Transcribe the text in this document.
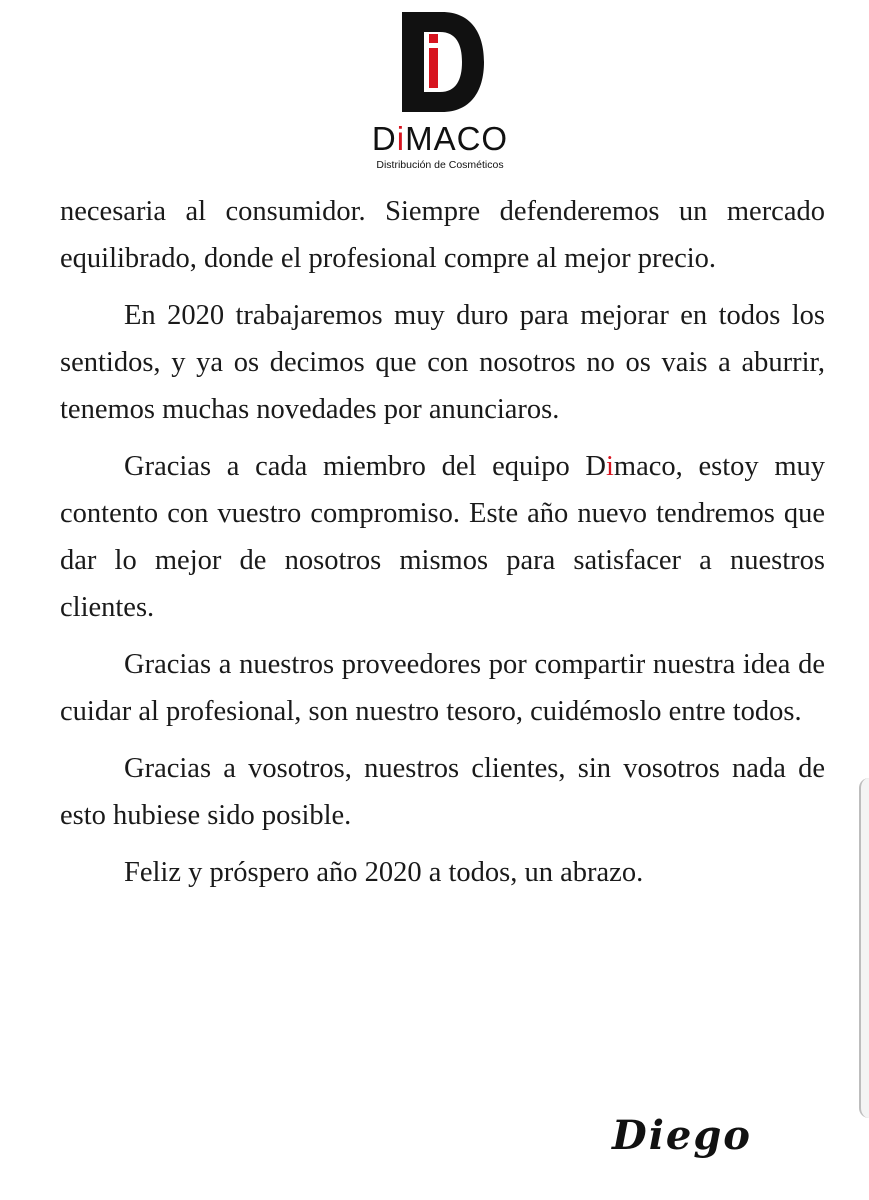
DiMACO
Distribución de Cosméticos

necesaria al consumidor. Siempre defenderemos un mercado equilibrado, donde el profesional compre al mejor precio.

En 2020 trabajaremos muy duro para mejorar en todos los sentidos, y ya os decimos que con nosotros no os vais a aburrir, tenemos muchas novedades por anunciaros.

Gracias a cada miembro del equipo Dimaco, estoy muy contento con vuestro compromiso. Este año nuevo tendremos que dar lo mejor de nosotros mismos para satisfacer a nuestros clientes.

Gracias a nuestros proveedores por compartir nuestra idea de cuidar al profesional, son nuestro tesoro, cuidémoslo entre todos.

Gracias a vosotros, nuestros clientes, sin vosotros nada de esto hubiese sido posible.

Feliz y próspero año 2020 a todos, un abrazo.

Diego
